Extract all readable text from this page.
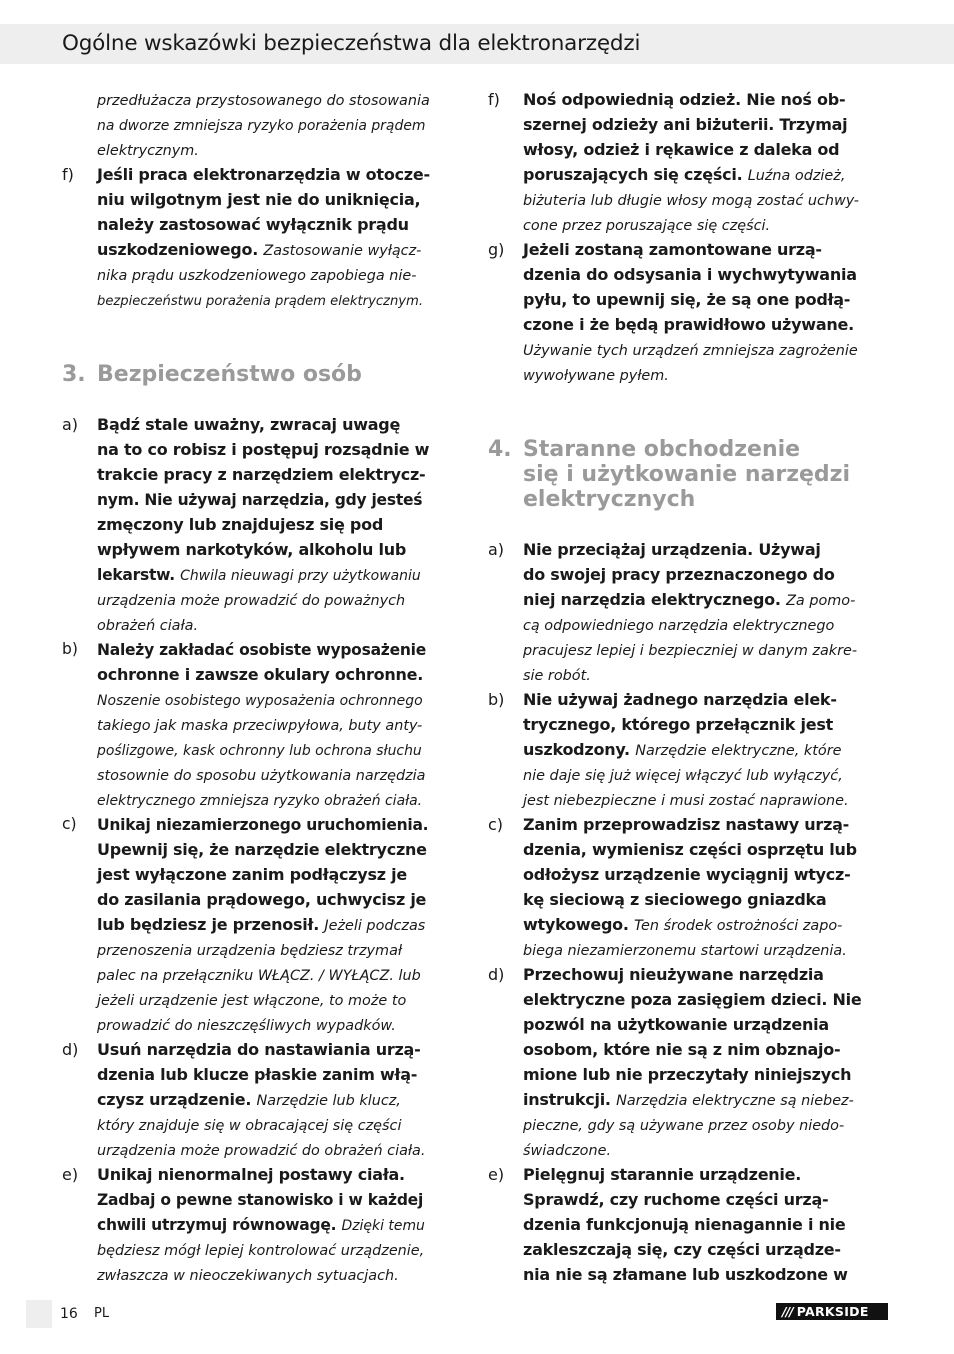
Ogólne wskazówki bezpieczeństwa dla elektronarzędzi
przedłużacza przystosowanego do stosowania
na dworze zmniejsza ryzyko porażenia prądem
elektrycznym.
f) Jeśli praca elektronarzędzia w otocze-
niu wilgotnym jest nie do uniknięcia,
należy zastosować wyłącznik prądu
uszkodzeniowego. Zastosowanie wyłącz-
nika prądu uszkodzeniowego zapobiega nie-
bezpieczeństwu porażenia prądem elektrycznym.
3. Bezpieczeństwo osób
a) Bądź stale uważny, zwracaj uwagę
na to co robisz i postępuj rozsądnie w
trakcie pracy z narzędziem elektrycz-
nym. Nie używaj narzędzia, gdy jesteś
zmęczony lub znajdujesz się pod
wpływem narkotyków, alkoholu lub
lekarstw. Chwila nieuwagi przy użytkowaniu
urządzenia może prowadzić do poważnych
obrażeń ciała.
b) Należy zakładać osobiste wyposażenie
ochronne i zawsze okulary ochronne.
Noszenie osobistego wyposażenia ochronnego
takiego jak maska przeciwpyłowa, buty anty-
poślizgowe, kask ochronny lub ochrona słuchu
stosownie do sposobu użytkowania narzędzia
elektrycznego zmniejsza ryzyko obrażeń ciała.
c) Unikaj niezamierzonego uruchomienia.
Upewnij się, że narzędzie elektryczne
jest wyłączone zanim podłączysz je
do zasilania prądowego, uchwycisz je
lub będziesz je przenosił. Jeżeli podczas
przenoszenia urządzenia będziesz trzymał
palec na przełączniku WŁĄCZ. / WYŁĄCZ. lub
jeżeli urządzenie jest włączone, to może to
prowadzić do nieszczęśliwych wypadków.
d) Usuń narzędzia do nastawiania urzą-
dzenia lub klucze płaskie zanim włą-
czysz urządzenie. Narzędzie lub klucz,
który znajduje się w obracającej się części
urządzenia może prowadzić do obrażeń ciała.
e) Unikaj nienormalnej postawy ciała.
Zadbaj o pewne stanowisko i w każdej
chwili utrzymuj równowagę. Dzięki temu
będziesz mógł lepiej kontrolować urządzenie,
zwłaszcza w nieoczekiwanych sytuacjach.
f) Noś odpowiednią odzież. Nie noś ob-
szernej odzieży ani biżuterii. Trzymaj
włosy, odzież i rękawice z daleka od
poruszających się części. Luźna odzież,
biżuteria lub długie włosy mogą zostać uchwy-
cone przez poruszające się części.
g) Jeżeli zostaną zamontowane urzą-
dzenia do odsysania i wychwytywania
pyłu, to upewnij się, że są one podłą-
czone i że będą prawidłowo używane.
Używanie tych urządzeń zmniejsza zagrożenie
wywoływane pyłem.
4. Staranne obchodzenie
się i użytkowanie narzędzi
elektrycznych
a) Nie przeciążaj urządzenia. Używaj
do swojej pracy przeznaczonego do
niej narzędzia elektrycznego. Za pomo-
cą odpowiedniego narzędzia elektrycznego
pracujesz lepiej i bezpieczniej w danym zakre-
sie robót.
b) Nie używaj żadnego narzędzia elek-
trycznego, którego przełącznik jest
uszkodzony. Narzędzie elektryczne, które
nie daje się już więcej włączyć lub wyłączyć,
jest niebezpieczne i musi zostać naprawione.
c) Zanim przeprowadzisz nastawy urzą-
dzenia, wymienisz części osprzętu lub
odłożysz urządzenie wyciągnij wtycz-
kę sieciową z sieciowego gniazdka
wtykowego. Ten środek ostrożności zapo-
biega niezamierzonemu startowi urządzenia.
d) Przechowuj nieużywane narzędzia
elektryczne poza zasięgiem dzieci. Nie
pozwól na użytkowanie urządzenia
osobom, które nie są z nim obznajo-
mione lub nie przeczytały niniejszych
instrukcji. Narzędzia elektryczne są niebez-
pieczne, gdy są używane przez osoby niedo-
świadczone.
e) Pielęgnuj starannie urządzenie.
Sprawdź, czy ruchome części urzą-
dzenia funkcjonują nienagannie i nie
zakleszczają się, czy części urządze-
nia nie są złamane lub uszkodzone w
16 PL	/// PARKSIDE
